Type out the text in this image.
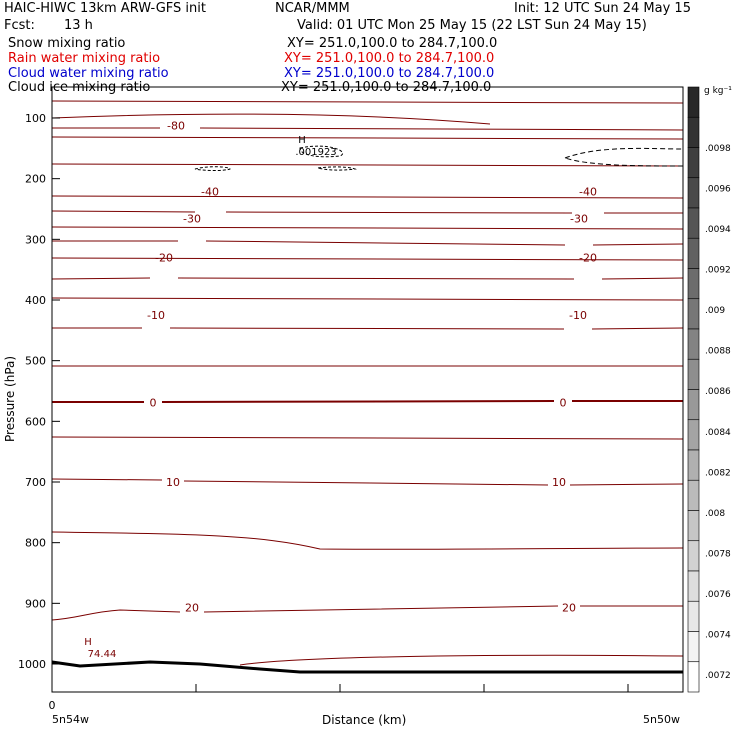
HAIC-HIWC 13km ARW-GFS init	NCAR/MMM	Init: 12 UTC Sun 24 May 15
Fcst: 13 h	Valid: 01 UTC Mon 25 May 15 (22 LST Sun 24 May 15)
Snow mixing ratio	XY= 251.0,100.0 to 284.7,100.0
Rain water mixing ratio	XY= 251.0,100.0 to 284.7,100.0
Cloud water mixing ratio	XY= 251.0,100.0 to 284.7,100.0
Cloud ice mixing ratio	XY= 251.0,100.0 to 284.7,100.0
-80
-40	-40
-30	-30
-20	-20
-10	-10
0	0
10	10
20	20
H
.001923
H
74.44
100
200
300
400
500
600
700
800
900
1000
0
5n54w	5n50w
Pressure (hPa)
Distance (km)
.0098
.0096
.0094
.0092
.009
.0088
.0086
.0084
.0082
.008
.0078
.0076
.0074
.0072
g kg⁻¹
